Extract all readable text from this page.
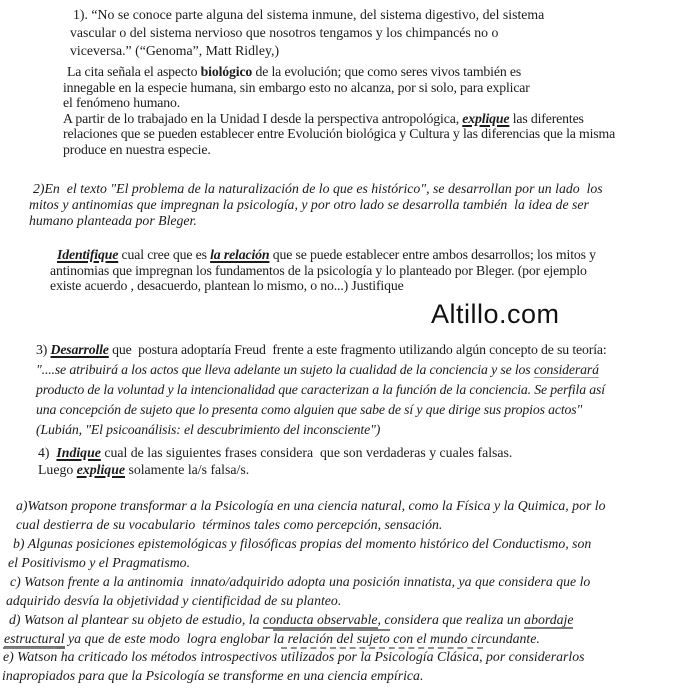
1). “No se conoce parte alguna del sistema inmune, del sistema digestivo, del sistema
vascular o del sistema nervioso que nosotros tengamos y los chimpancés no o
viceversa.” (“Genoma”, Matt Ridley,)

La cita señala el aspecto biológico de la evolución; que como seres vivos también es
innegable en la especie humana, sin embargo esto no alcanza, por si solo, para explicar
el fenómeno humano.
A partir de lo trabajado en la Unidad I desde la perspectiva antropológica, explique las diferentes
relaciones que se pueden establecer entre Evolución biológica y Cultura y las diferencias que la misma
produce en nuestra especie.

2)En  el texto "El problema de la naturalización de lo que es histórico", se desarrollan por un lado  los
mitos y antinomias que impregnan la psicología, y por otro lado se desarrolla también  la idea de ser
humano planteada por Bleger.

Identifique cual cree que es la relación que se puede establecer entre ambos desarrollos; los mitos y
antinomias que impregnan los fundamentos de la psicología y lo planteado por Bleger. (por ejemplo
existe acuerdo , desacuerdo, plantean lo mismo, o no...) Justifique

Altillo.com

3) Desarrolle que  postura adoptaría Freud  frente a este fragmento utilizando algún concepto de su teoría:
"....se atribuirá a los actos que lleva adelante un sujeto la cualidad de la conciencia y se los considerará
producto de la voluntad y la intencionalidad que caracterizan a la función de la conciencia. Se perfila así
una concepción de sujeto que lo presenta como alguien que sabe de sí y que dirige sus propios actos"
(Lubián, "El psicoanálisis: el descubrimiento del inconsciente")

4)  Indique cual de las siguientes frases considera  que son verdaderas y cuales falsas.
Luego explique solamente la/s falsa/s.

a)Watson propone transformar a la Psicología en una ciencia natural, como la Física y la Quimica, por lo
cual destierra de su vocabulario  términos tales como percepción, sensación.

b) Algunas posiciones epistemológicas y filosóficas propias del momento histórico del Conductismo, son
el Positivismo y el Pragmatismo.

c) Watson frente a la antinomia  innato/adquirido adopta una posición innatista, ya que considera que lo
adquirido desvía la objetividad y cientificidad de su planteo.

d) Watson al plantear su objeto de estudio, la conducta observable, considera que realiza un abordaje
estructural ya que de este modo  logra englobar la relación del sujeto con el mundo circundante.

e) Watson ha criticado los métodos introspectivos utilizados por la Psicología Clásica, por considerarlos
inapropiados para que la Psicología se transforme en una ciencia empírica.
